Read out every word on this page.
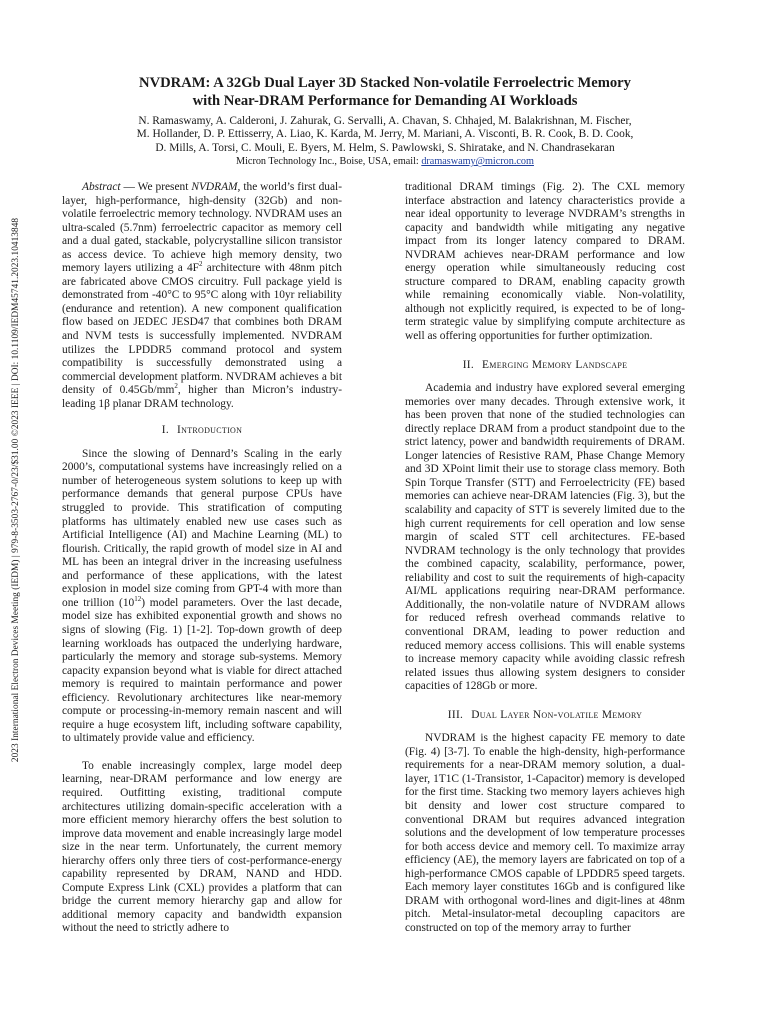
2023 International Electron Devices Meeting (IEDM) | 979-8-3503-2767-0/23/$31.00 ©2023 IEEE | DOI: 10.1109/IEDM45741.2023.10413848

NVDRAM: A 32Gb Dual Layer 3D Stacked Non-volatile Ferroelectric Memory
with Near-DRAM Performance for Demanding AI Workloads

N. Ramaswamy, A. Calderoni, J. Zahurak, G. Servalli, A. Chavan, S. Chhajed, M. Balakrishnan, M. Fischer,
M. Hollander, D. P. Ettisserry, A. Liao, K. Karda, M. Jerry, M. Mariani, A. Visconti, B. R. Cook, B. D. Cook,
D. Mills, A. Torsi, C. Mouli, E. Byers, M. Helm, S. Pawlowski, S. Shiratake, and N. Chandrasekaran
Micron Technology Inc., Boise, USA, email: dramaswamy@micron.com

Abstract — We present NVDRAM, the world’s first dual-layer, high-performance, high-density (32Gb) and non-volatile ferroelectric memory technology. NVDRAM uses an ultra-scaled (5.7nm) ferroelectric capacitor as memory cell and a dual gated, stackable, polycrystalline silicon transistor as access device. To achieve high memory density, two memory layers utilizing a $4F^2$ architecture with 48nm pitch are fabricated above CMOS circuitry. Full package yield is demonstrated from -40°C to 95°C along with 10yr reliability (endurance and retention). A new component qualification flow based on JEDEC JESD47 that combines both DRAM and NVM tests is successfully implemented. NVDRAM utilizes the LPDDR5 command protocol and system compatibility is successfully demonstrated using a commercial development platform. NVDRAM achieves a bit density of $0.45Gb/mm^2$, higher than Micron’s industry-leading 1β planar DRAM technology.

I. Introduction

Since the slowing of Dennard’s Scaling in the early 2000’s, computational systems have increasingly relied on a number of heterogeneous system solutions to keep up with performance demands that general purpose CPUs have struggled to provide. This stratification of computing platforms has ultimately enabled new use cases such as Artificial Intelligence (AI) and Machine Learning (ML) to flourish. Critically, the rapid growth of model size in AI and ML has been an integral driver in the increasing usefulness and performance of these applications, with the latest explosion in model size coming from GPT-4 with more than one trillion $(10^{12})$ model parameters. Over the last decade, model size has exhibited exponential growth and shows no signs of slowing (Fig. 1) [1-2]. Top-down growth of deep learning workloads has outpaced the underlying hardware, particularly the memory and storage sub-systems. Memory capacity expansion beyond what is viable for direct attached memory is required to maintain performance and power efficiency. Revolutionary architectures like near-memory compute or processing-in-memory remain nascent and will require a huge ecosystem lift, including software capability, to ultimately provide value and efficiency.

To enable increasingly complex, large model deep learning, near-DRAM performance and low energy are required. Outfitting existing, traditional compute architectures utilizing domain-specific acceleration with a more efficient memory hierarchy offers the best solution to improve data movement and enable increasingly large model size in the near term. Unfortunately, the current memory hierarchy offers only three tiers of cost-performance-energy capability represented by DRAM, NAND and HDD. Compute Express Link (CXL) provides a platform that can bridge the current memory hierarchy gap and allow for additional memory capacity and bandwidth expansion without the need to strictly adhere to

traditional DRAM timings (Fig. 2). The CXL memory interface abstraction and latency characteristics provide a near ideal opportunity to leverage NVDRAM’s strengths in capacity and bandwidth while mitigating any negative impact from its longer latency compared to DRAM. NVDRAM achieves near-DRAM performance and low energy operation while simultaneously reducing cost structure compared to DRAM, enabling capacity growth while remaining economically viable. Non-volatility, although not explicitly required, is expected to be of long-term strategic value by simplifying compute architecture as well as offering opportunities for further optimization.

II. Emerging Memory Landscape

Academia and industry have explored several emerging memories over many decades. Through extensive work, it has been proven that none of the studied technologies can directly replace DRAM from a product standpoint due to the strict latency, power and bandwidth requirements of DRAM. Longer latencies of Resistive RAM, Phase Change Memory and 3D XPoint limit their use to storage class memory. Both Spin Torque Transfer (STT) and Ferroelectricity (FE) based memories can achieve near-DRAM latencies (Fig. 3), but the scalability and capacity of STT is severely limited due to the high current requirements for cell operation and low sense margin of scaled STT cell architectures. FE-based NVDRAM technology is the only technology that provides the combined capacity, scalability, performance, power, reliability and cost to suit the requirements of high-capacity AI/ML applications requiring near-DRAM performance. Additionally, the non-volatile nature of NVDRAM allows for reduced refresh overhead commands relative to conventional DRAM, leading to power reduction and reduced memory access collisions. This will enable systems to increase memory capacity while avoiding classic refresh related issues thus allowing system designers to consider capacities of 128Gb or more.

III. Dual Layer Non-volatile Memory

NVDRAM is the highest capacity FE memory to date (Fig. 4) [3-7]. To enable the high-density, high-performance requirements for a near-DRAM memory solution, a dual-layer, 1T1C (1-Transistor, 1-Capacitor) memory is developed for the first time. Stacking two memory layers achieves high bit density and lower cost structure compared to conventional DRAM but requires advanced integration solutions and the development of low temperature processes for both access device and memory cell. To maximize array efficiency (AE), the memory layers are fabricated on top of a high-performance CMOS capable of LPDDR5 speed targets. Each memory layer constitutes 16Gb and is configured like DRAM with orthogonal word-lines and digit-lines at 48nm pitch. Metal-insulator-metal decoupling capacitors are constructed on top of the memory array to further
